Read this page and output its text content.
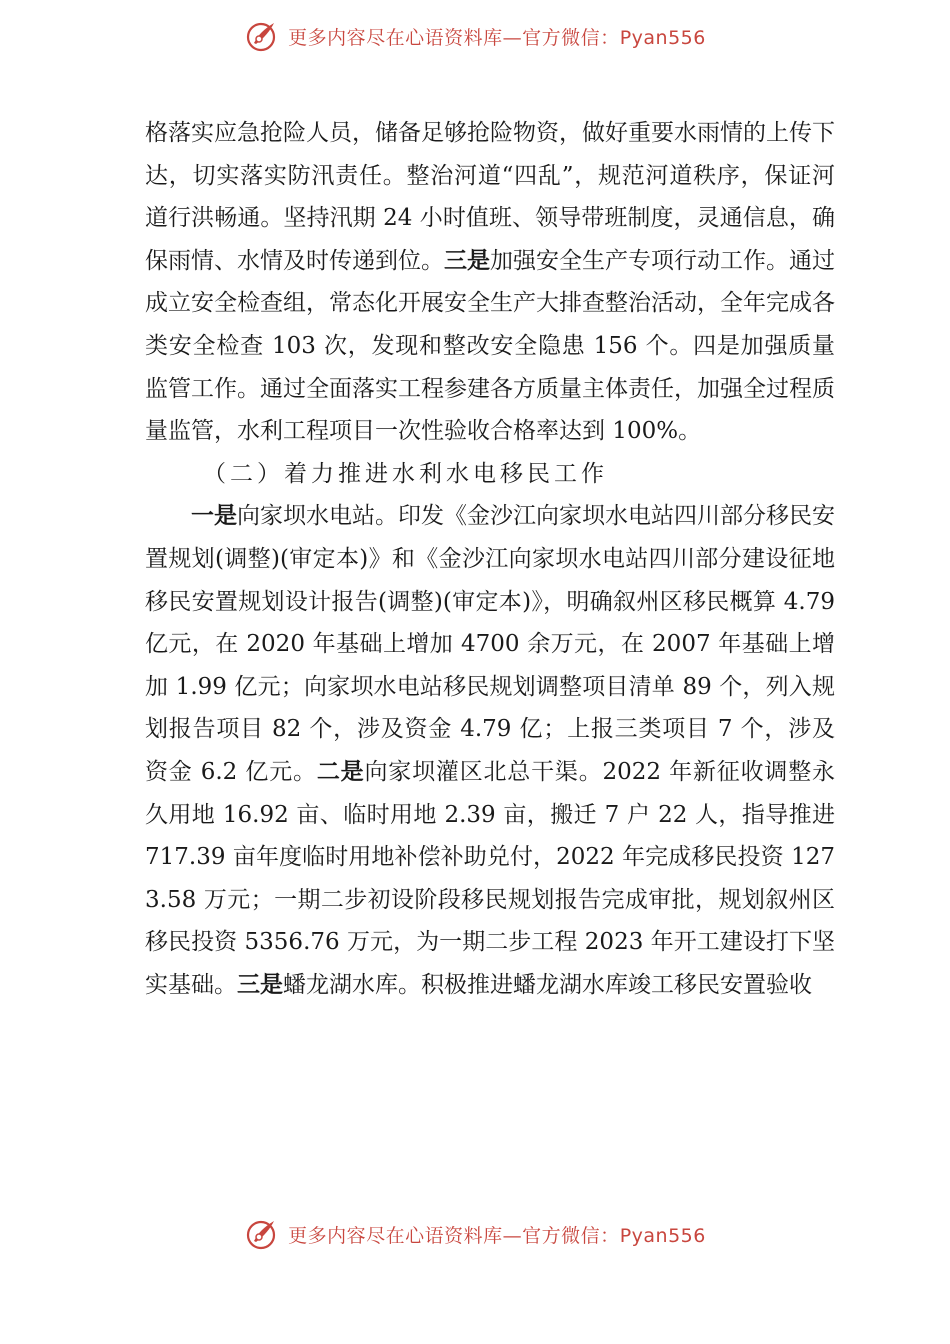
更多内容尽在心语资料库—官方微信：Pyan556

格落实应急抢险人员，储备足够抢险物资，做好重要水雨情的上传下达，切实落实防汛责任。整治河道“四乱”，规范河道秩序，保证河道行洪畅通。坚持汛期 24 小时值班、领导带班制度，灵通信息，确保雨情、水情及时传递到位。三是加强安全生产专项行动工作。通过成立安全检查组，常态化开展安全生产大排查整治活动，全年完成各类安全检查 103 次，发现和整改安全隐患 156 个。四是加强质量监管工作。通过全面落实工程参建各方质量主体责任，加强全过程质量监管，水利工程项目一次性验收合格率达到 100%。

（二）着力推进水利水电移民工作

一是向家坝水电站。印发《金沙江向家坝水电站四川部分移民安置规划(调整)(审定本)》和《金沙江向家坝水电站四川部分建设征地移民安置规划设计报告(调整)(审定本)》，明确叙州区移民概算 4.79 亿元，在 2020 年基础上增加 4700 余万元，在 2007 年基础上增加 1.99 亿元；向家坝水电站移民规划调整项目清单 89 个，列入规划报告项目 82 个，涉及资金 4.79 亿；上报三类项目 7 个，涉及资金 6.2 亿元。二是向家坝灌区北总干渠。2022 年新征收调整永久用地 16.92 亩、临时用地 2.39 亩，搬迁 7 户 22 人，指导推进 717.39 亩年度临时用地补偿补助兑付，2022 年完成移民投资 1273.58 万元；一期二步初设阶段移民规划报告完成审批，规划叙州区移民投资 5356.76 万元，为一期二步工程 2023 年开工建设打下坚实基础。三是蟠龙湖水库。积极推进蟠龙湖水库竣工移民安置验收

更多内容尽在心语资料库—官方微信：Pyan556
